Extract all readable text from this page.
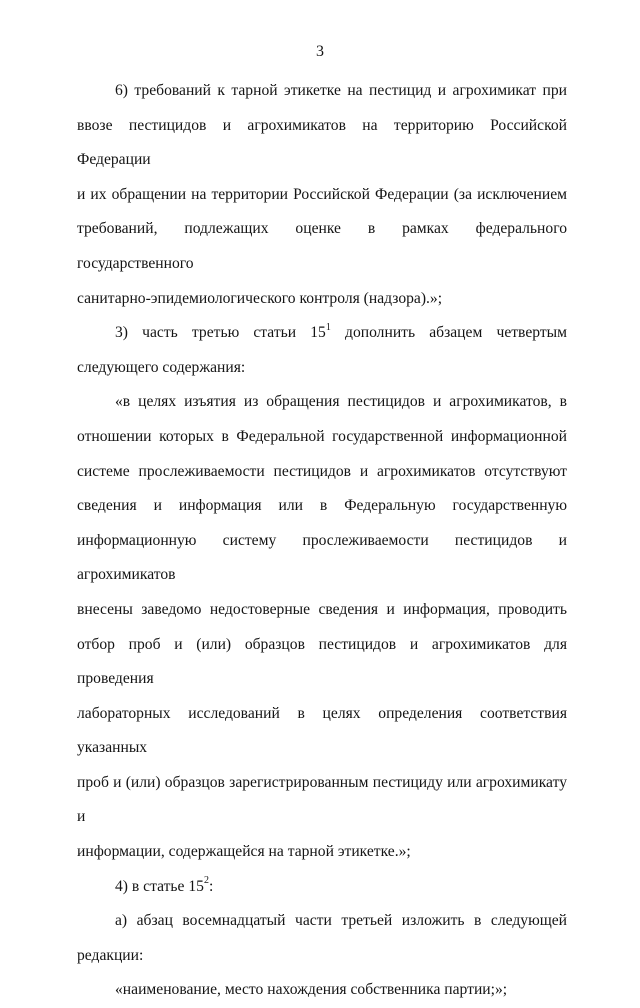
3
6) требований к тарной этикетке на пестицид и агрохимикат при
ввозе пестицидов и агрохимикатов на территорию Российской Федерации
и их обращении на территории Российской Федерации (за исключением
требований, подлежащих оценке в рамках федерального государственного
санитарно-эпидемиологического контроля (надзора).»;
3) часть третью статьи $15^1$ дополнить абзацем четвертым
следующего содержания:
«в целях изъятия из обращения пестицидов и агрохимикатов, в
отношении которых в Федеральной государственной информационной
системе прослеживаемости пестицидов и агрохимикатов отсутствуют
сведения и информация или в Федеральную государственную
информационную систему прослеживаемости пестицидов и агрохимикатов
внесены заведомо недостоверные сведения и информация, проводить
отбор проб и (или) образцов пестицидов и агрохимикатов для проведения
лабораторных исследований в целях определения соответствия указанных
проб и (или) образцов зарегистрированным пестициду или агрохимикату и
информации, содержащейся на тарной этикетке.»;
4) в статье $15^2$:
а) абзац восемнадцатый части третьей изложить в следующей
редакции:
«наименование, место нахождения собственника партии;»;
